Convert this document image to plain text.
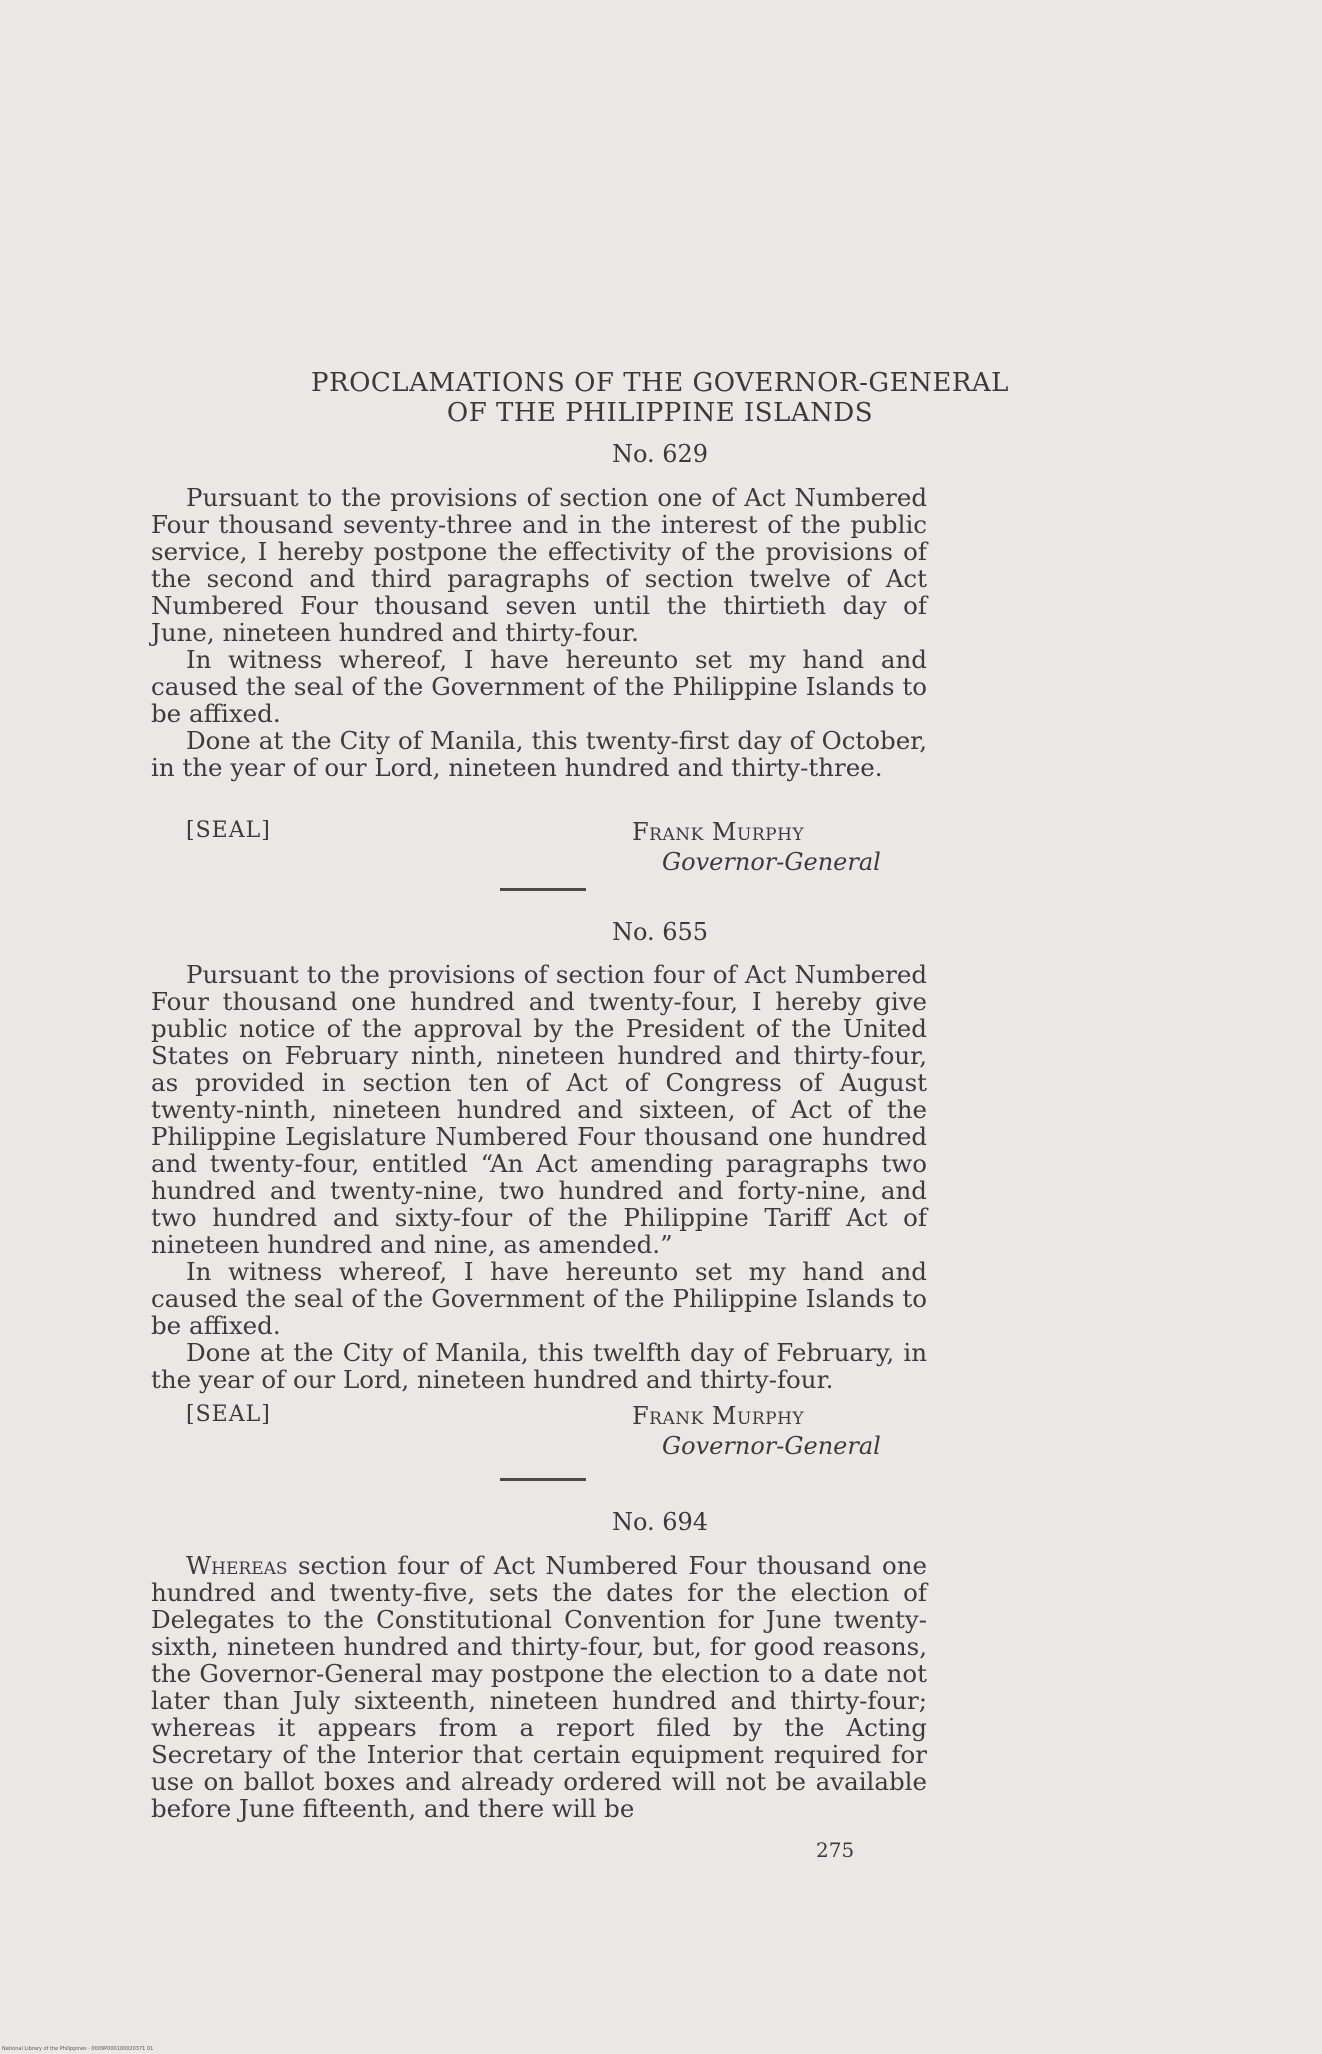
PROCLAMATIONS OF THE GOVERNOR-GENERAL
OF THE PHILIPPINE ISLANDS
No. 629

Pursuant to the provisions of section one of Act Numbered Four thousand seventy-three and in the interest of the public service, I hereby postpone the effectivity of the provisions of the second and third paragraphs of section twelve of Act Numbered Four thousand seven until the thirtieth day of June, nineteen hundred and thirty-four.

In witness whereof, I have hereunto set my hand and caused the seal of the Government of the Philippine Islands to be affixed.

Done at the City of Manila, this twenty-first day of October, in the year of our Lord, nineteen hundred and thirty-three.

[SEAL]	Frank Murphy
Governor-General
No. 655

Pursuant to the provisions of section four of Act Numbered Four thousand one hundred and twenty-four, I hereby give public notice of the approval by the President of the United States on February ninth, nineteen hundred and thirty-four, as provided in section ten of Act of Congress of August twenty-ninth, nineteen hundred and sixteen, of Act of the Philippine Legislature Numbered Four thousand one hundred and twenty-four, entitled “An Act amending paragraphs two hundred and twenty-nine, two hundred and forty-nine, and two hundred and sixty-four of the Philippine Tariff Act of nineteen hundred and nine, as amended.”

In witness whereof, I have hereunto set my hand and caused the seal of the Government of the Philippine Islands to be affixed.

Done at the City of Manila, this twelfth day of February, in the year of our Lord, nineteen hundred and thirty-four.

[SEAL]	Frank Murphy
Governor-General
No. 694

Whereas section four of Act Numbered Four thousand one hundred and twenty-five, sets the dates for the election of Delegates to the Constitutional Convention for June twenty-sixth, nineteen hundred and thirty-four, but, for good reasons, the Governor-General may postpone the election to a date not later than July sixteenth, nineteen hundred and thirty-four; whereas it appears from a report filed by the Acting Secretary of the Interior that certain equipment required for use on ballot boxes and already ordered will not be available before June fifteenth, and there will be

275
National Library of the Philippines · 0009P000100020371 01
